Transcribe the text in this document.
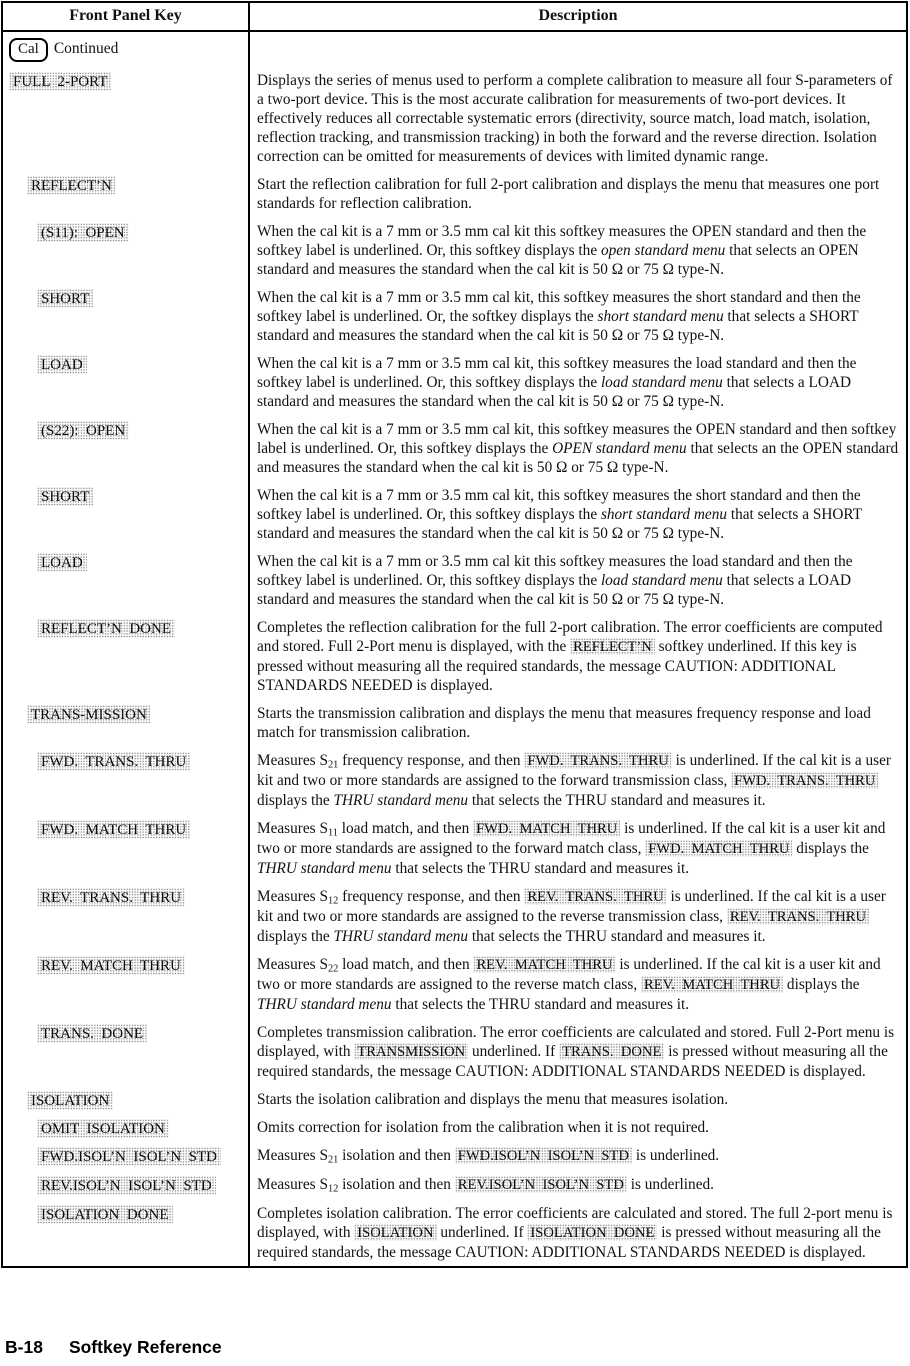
Front Panel Key	Description
Cal Continued
FULL  2-PORT	Displays the series of menus used to perform a complete calibration to measure all four S-parameters of a two-port device. This is the most accurate calibration for measurements of two-port devices. It effectively reduces all correctable systematic errors (directivity, source match, load match, isolation, reflection tracking, and transmission tracking) in both the forward and the reverse direction. Isolation correction can be omitted for measurements of devices with limited dynamic range.
REFLECT’N	Start the reflection calibration for full 2-port calibration and displays the menu that measures one port standards for reflection calibration.
(S11):  OPEN	When the cal kit is a 7 mm or 3.5 mm cal kit this softkey measures the OPEN standard and then the softkey label is underlined. Or, this softkey displays the open standard menu that selects an OPEN standard and measures the standard when the cal kit is 50 Ω or 75 Ω type-N.
SHORT	When the cal kit is a 7 mm or 3.5 mm cal kit, this softkey measures the short standard and then the softkey label is underlined. Or, the softkey displays the short standard menu that selects a SHORT standard and measures the standard when the cal kit is 50 Ω or 75 Ω type-N.
LOAD	When the cal kit is a 7 mm or 3.5 mm cal kit, this softkey measures the load standard and then the softkey label is underlined. Or, this softkey displays the load standard menu that selects a LOAD standard and measures the standard when the cal kit is 50 Ω or 75 Ω type-N.
(S22):  OPEN	When the cal kit is a 7 mm or 3.5 mm cal kit, this softkey measures the OPEN standard and then softkey label is underlined. Or, this softkey displays the OPEN standard menu that selects an the OPEN standard and measures the standard when the cal kit is 50 Ω or 75 Ω type-N.
SHORT	When the cal kit is a 7 mm or 3.5 mm cal kit, this softkey measures the short standard and then the softkey label is underlined. Or, this softkey displays the short standard menu that selects a SHORT standard and measures the standard when the cal kit is 50 Ω or 75 Ω type-N.
LOAD	When the cal kit is a 7 mm or 3.5 mm cal kit this softkey measures the load standard and then the softkey label is underlined. Or, this softkey displays the load standard menu that selects a LOAD standard and measures the standard when the cal kit is 50 Ω or 75 Ω type-N.
REFLECT’N  DONE	Completes the reflection calibration for the full 2-port calibration. The error coefficients are computed and stored. Full 2-Port menu is displayed, with the REFLECT’N softkey underlined. If this key is pressed without measuring all the required standards, the message CAUTION: ADDITIONAL STANDARDS NEEDED is displayed.
TRANS-MISSION	Starts the transmission calibration and displays the menu that measures frequency response and load match for transmission calibration.
FWD.  TRANS.  THRU	Measures $S_{21}$ frequency response, and then FWD.  TRANS.  THRU is underlined. If the cal kit is a user kit and two or more standards are assigned to the forward transmission class, FWD.  TRANS.  THRU displays the THRU standard menu that selects the THRU standard and measures it.
FWD.  MATCH  THRU	Measures $S_{11}$ load match, and then FWD.  MATCH  THRU is underlined. If the cal kit is a user kit and two or more standards are assigned to the forward match class, FWD.  MATCH  THRU displays the THRU standard menu that selects the THRU standard and measures it.
REV.  TRANS.  THRU	Measures $S_{12}$ frequency response, and then REV.  TRANS.  THRU is underlined. If the cal kit is a user kit and two or more standards are assigned to the reverse transmission class, REV.  TRANS.  THRU displays the THRU standard menu that selects the THRU standard and measures it.
REV.  MATCH  THRU	Measures $S_{22}$ load match, and then REV.  MATCH  THRU is underlined. If the cal kit is a user kit and two or more standards are assigned to the reverse match class, REV.  MATCH  THRU displays the THRU standard menu that selects the THRU standard and measures it.
TRANS.  DONE	Completes transmission calibration. The error coefficients are calculated and stored. Full 2-Port menu is displayed, with TRANSMISSION underlined. If TRANS.  DONE is pressed without measuring all the required standards, the message CAUTION: ADDITIONAL STANDARDS NEEDED is displayed.
ISOLATION	Starts the isolation calibration and displays the menu that measures isolation.
OMIT  ISOLATION	Omits correction for isolation from the calibration when it is not required.
FWD.ISOL’N  ISOL’N  STD	Measures $S_{21}$ isolation and then FWD.ISOL’N  ISOL’N  STD is underlined.
REV.ISOL’N  ISOL’N  STD	Measures $S_{12}$ isolation and then REV.ISOL’N  ISOL’N  STD is underlined.
ISOLATION  DONE	Completes isolation calibration. The error coefficients are calculated and stored. The full 2-port menu is displayed, with ISOLATION underlined. If ISOLATION  DONE is pressed without measuring all the required standards, the message CAUTION: ADDITIONAL STANDARDS NEEDED is displayed.
B-18 Softkey Reference
